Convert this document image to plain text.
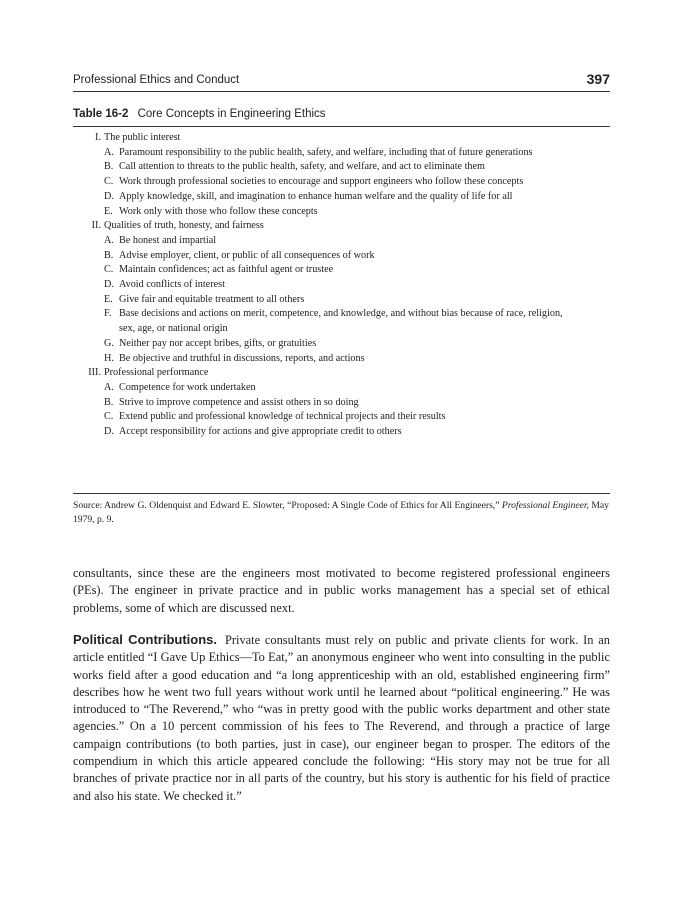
Professional Ethics and Conduct	397
Table 16-2 Core Concepts in Engineering Ethics
I. The public interest
A. Paramount responsibility to the public health, safety, and welfare, including that of future generations
B. Call attention to threats to the public health, safety, and welfare, and act to eliminate them
C. Work through professional societies to encourage and support engineers who follow these concepts
D. Apply knowledge, skill, and imagination to enhance human welfare and the quality of life for all
E. Work only with those who follow these concepts
II. Qualities of truth, honesty, and fairness
A. Be honest and impartial
B. Advise employer, client, or public of all consequences of work
C. Maintain confidences; act as faithful agent or trustee
D. Avoid conflicts of interest
E. Give fair and equitable treatment to all others
F. Base decisions and actions on merit, competence, and knowledge, and without bias because of race, religion, sex, age, or national origin
G. Neither pay nor accept bribes, gifts, or gratuities
H. Be objective and truthful in discussions, reports, and actions
III. Professional performance
A. Competence for work undertaken
B. Strive to improve competence and assist others in so doing
C. Extend public and professional knowledge of technical projects and their results
D. Accept responsibility for actions and give appropriate credit to others
Source: Andrew G. Oldenquist and Edward E. Slowter, “Proposed: A Single Code of Ethics for All Engineers,” Professional Engineer, May 1979, p. 9.
consultants, since these are the engineers most motivated to become registered professional engineers (PEs). The engineer in private practice and in public works management has a special set of ethical problems, some of which are discussed next.
Political Contributions. Private consultants must rely on public and private clients for work. In an article entitled “I Gave Up Ethics—To Eat,” an anonymous engineer who went into consulting in the public works field after a good education and “a long apprenticeship with an old, established engineering firm” describes how he went two full years without work until he learned about “political engineering.” He was introduced to “The Reverend,” who “was in pretty good with the public works department and other state agencies.” On a 10 percent commission of his fees to The Reverend, and through a practice of large campaign contributions (to both parties, just in case), our engineer began to prosper. The editors of the compendium in which this article appeared conclude the following: “His story may not be true for all branches of private practice nor in all parts of the country, but his story is authentic for his field of practice and also his state. We checked it.”
